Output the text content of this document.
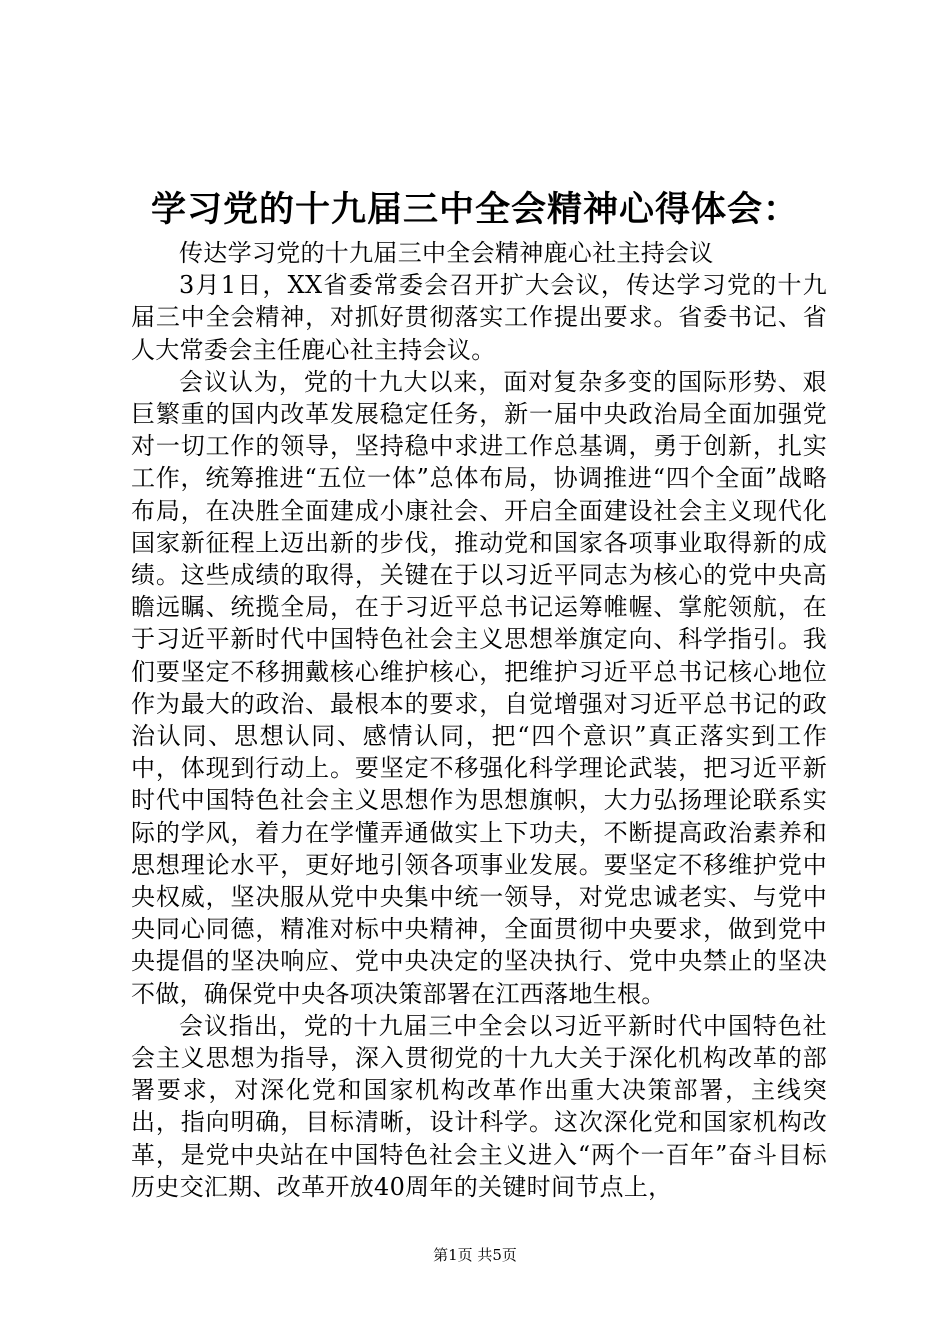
学习党的十九届三中全会精神心得体会：

传达学习党的十九届三中全会精神鹿心社主持会议

3月1日，XX省委常委会召开扩大会议，传达学习党的十九届三中全会精神，对抓好贯彻落实工作提出要求。省委书记、省人大常委会主任鹿心社主持会议。

会议认为，党的十九大以来，面对复杂多变的国际形势、艰巨繁重的国内改革发展稳定任务，新一届中央政治局全面加强党对一切工作的领导，坚持稳中求进工作总基调，勇于创新，扎实工作，统筹推进“五位一体”总体布局，协调推进“四个全面”战略布局，在决胜全面建成小康社会、开启全面建设社会主义现代化国家新征程上迈出新的步伐，推动党和国家各项事业取得新的成绩。这些成绩的取得，关键在于以习近平同志为核心的党中央高瞻远瞩、统揽全局，在于习近平总书记运筹帷幄、掌舵领航，在于习近平新时代中国特色社会主义思想举旗定向、科学指引。我们要坚定不移拥戴核心维护核心，把维护习近平总书记核心地位作为最大的政治、最根本的要求，自觉增强对习近平总书记的政治认同、思想认同、感情认同，把“四个意识”真正落实到工作中，体现到行动上。要坚定不移强化科学理论武装，把习近平新时代中国特色社会主义思想作为思想旗帜，大力弘扬理论联系实际的学风，着力在学懂弄通做实上下功夫，不断提高政治素养和思想理论水平，更好地引领各项事业发展。要坚定不移维护党中央权威，坚决服从党中央集中统一领导，对党忠诚老实、与党中央同心同德，精准对标中央精神，全面贯彻中央要求，做到党中央提倡的坚决响应、党中央决定的坚决执行、党中央禁止的坚决不做，确保党中央各项决策部署在江西落地生根。

会议指出，党的十九届三中全会以习近平新时代中国特色社会主义思想为指导，深入贯彻党的十九大关于深化机构改革的部署要求，对深化党和国家机构改革作出重大决策部署，主线突出，指向明确，目标清晰，设计科学。这次深化党和国家机构改革，是党中央站在中国特色社会主义进入“两个一百年”奋斗目标历史交汇期、改革开放40周年的关键时间节点上，

第1页 共5页
